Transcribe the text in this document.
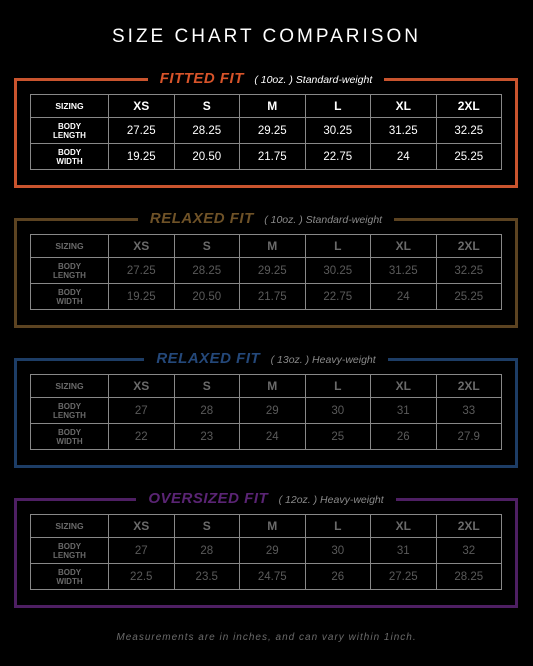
SIZE CHART COMPARISON
FITTED FIT ( 10oz. ) Standard-weight
SIZING	XS	S	M	L	XL	2XL

BODY
LENGTH	27.25	28.25	29.25	30.25	31.25	32.25

BODY
WIDTH	19.25	20.50	21.75	22.75	24	25.25
RELAXED FIT ( 10oz. ) Standard-weight
SIZING	XS	S	M	L	XL	2XL

BODY
LENGTH	27.25	28.25	29.25	30.25	31.25	32.25

BODY
WIDTH	19.25	20.50	21.75	22.75	24	25.25
RELAXED FIT ( 13oz. ) Heavy-weight
SIZING	XS	S	M	L	XL	2XL

BODY
LENGTH	27	28	29	30	31	33

BODY
WIDTH	22	23	24	25	26	27.9
OVERSIZED FIT ( 12oz. ) Heavy-weight
SIZING	XS	S	M	L	XL	2XL

BODY
LENGTH	27	28	29	30	31	32

BODY
WIDTH	22.5	23.5	24.75	26	27.25	28.25
Measurements are in inches, and can vary within 1inch.
